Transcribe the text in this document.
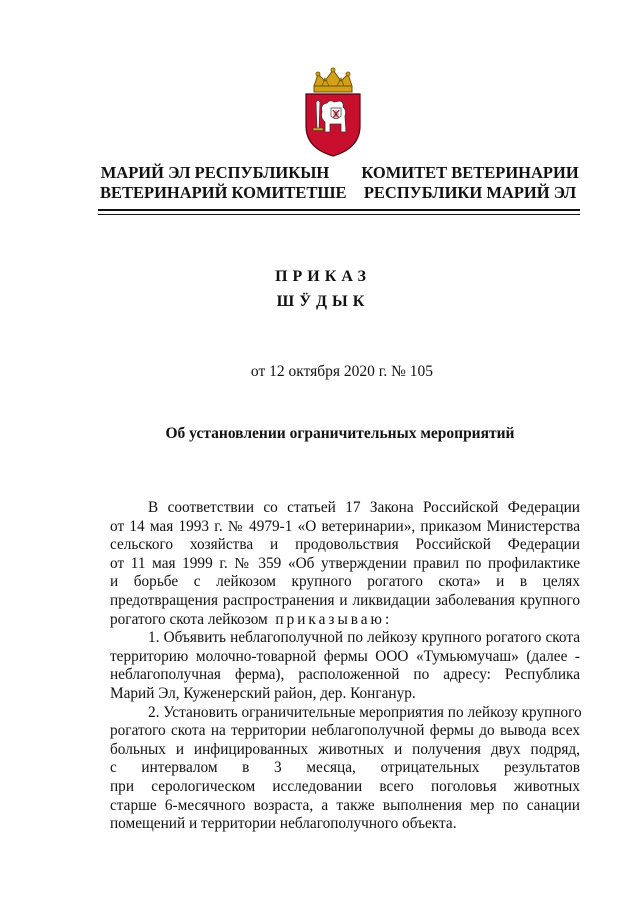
МАРИЙ ЭЛ РЕСПУБЛИКЫН
ВЕТЕРИНАРИЙ КОМИТЕТШЕ
КОМИТЕТ ВЕТЕРИНАРИИ
РЕСПУБЛИКИ МАРИЙ ЭЛ
ПРИКАЗ
ШӰДЫК
от 12 октября 2020 г. № 105
Об установлении ограничительных мероприятий
В соответствии со статьей 17 Закона Российской Федерации
от 14 мая 1993 г. № 4979-1 «О ветеринарии», приказом Министерства
сельского хозяйства и продовольствия Российской Федерации
от 11 мая 1999 г. № 359 «Об утверждении правил по профилактике
и борьбе с лейкозом крупного рогатого скота» и в целях
предотвращения распространения и ликвидации заболевания крупного
рогатого скота лейкозом приказываю:
1. Объявить неблагополучной по лейкозу крупного рогатого скота
территорию молочно-товарной фермы ООО «Тумьюмучаш» (далее -
неблагополучная ферма), расположенной по адресу: Республика
Марий Эл, Куженерский район, дер. Конганур.
2. Установить ограничительные мероприятия по лейкозу крупного
рогатого скота на территории неблагополучной фермы до вывода всех
больных и инфицированных животных и получения двух подряд,
с интервалом в 3 месяца, отрицательных результатов
при серологическом исследовании всего поголовья животных
старше 6-месячного возраста, а также выполнения мер по санации
помещений и территории неблагополучного объекта.
